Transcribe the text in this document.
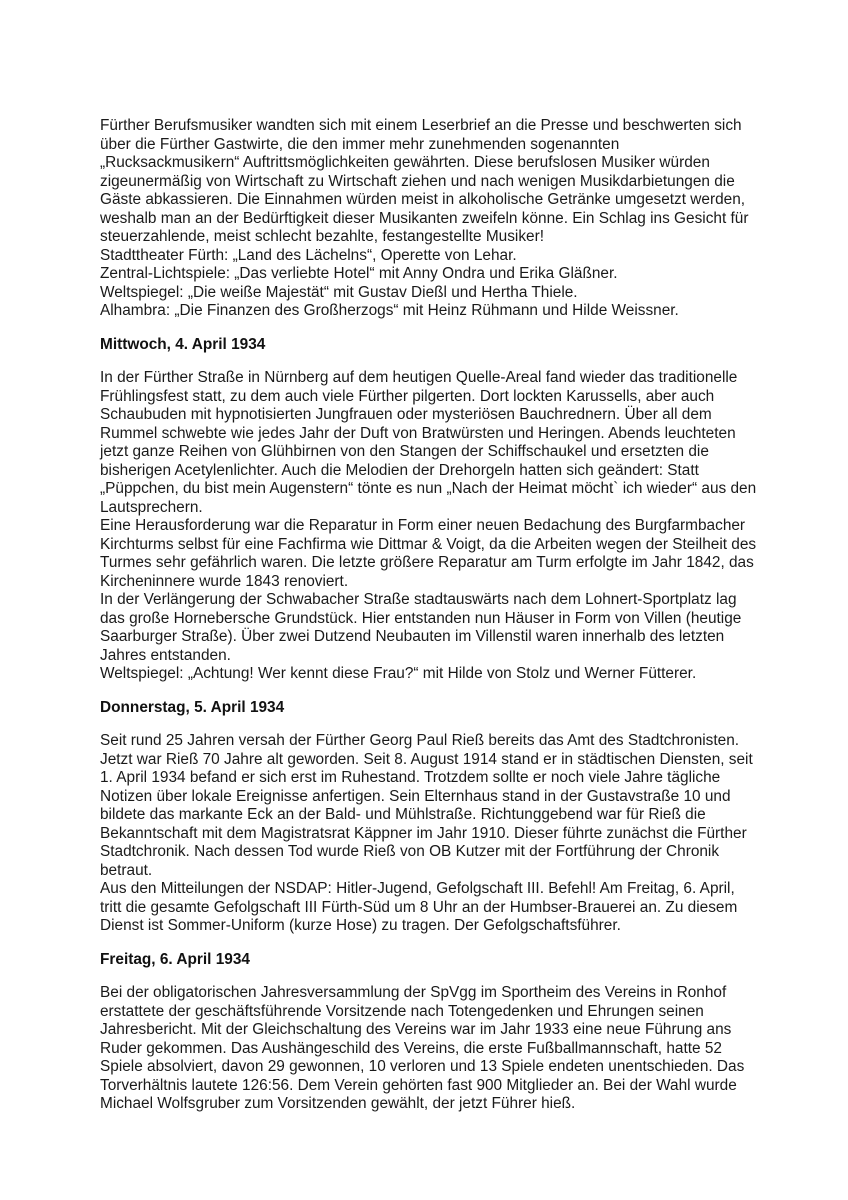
Fürther Berufsmusiker wandten sich mit einem Leserbrief an die Presse und beschwerten sich über die Fürther Gastwirte, die den immer mehr zunehmenden sogenannten „Rucksackmusikern“ Auftrittsmöglichkeiten gewährten. Diese berufslosen Musiker würden zigeunermäßig von Wirtschaft zu Wirtschaft ziehen und nach wenigen Musikdarbietungen die Gäste abkassieren. Die Einnahmen würden meist in alkoholische Getränke umgesetzt werden, weshalb man an der Bedürftigkeit dieser Musikanten zweifeln könne. Ein Schlag ins Gesicht für steuerzahlende, meist schlecht bezahlte, festangestellte Musiker!

Stadttheater Fürth: „Land des Lächelns“, Operette von Lehar.

Zentral-Lichtspiele: „Das verliebte Hotel“ mit Anny Ondra und Erika Gläßner.

Weltspiegel: „Die weiße Majestät“ mit Gustav Dießl und Hertha Thiele.

Alhambra: „Die Finanzen des Großherzogs“ mit Heinz Rühmann und Hilde Weissner.

Mittwoch, 4. April 1934

In der Fürther Straße in Nürnberg auf dem heutigen Quelle-Areal fand wieder das traditionelle Frühlingsfest statt, zu dem auch viele Fürther pilgerten. Dort lockten Karussells, aber auch Schaubuden mit hypnotisierten Jungfrauen oder mysteriösen Bauchrednern. Über all dem Rummel schwebte wie jedes Jahr der Duft von Bratwürsten und Heringen. Abends leuchteten jetzt ganze Reihen von Glühbirnen von den Stangen der Schiffschaukel und ersetzten die bisherigen Acetylenlichter. Auch die Melodien der Drehorgeln hatten sich geändert: Statt „Püppchen, du bist mein Augenstern“ tönte es nun „Nach der Heimat möcht` ich wieder“ aus den Lautsprechern.

Eine Herausforderung war die Reparatur in Form einer neuen Bedachung des Burgfarmbacher Kirchturms selbst für eine Fachfirma wie Dittmar & Voigt, da die Arbeiten wegen der Steilheit des Turmes sehr gefährlich waren. Die letzte größere Reparatur am Turm erfolgte im Jahr 1842, das Kircheninnere wurde 1843 renoviert.

In der Verlängerung der Schwabacher Straße stadtauswärts nach dem Lohnert-Sportplatz lag das große Hornebersche Grundstück. Hier entstanden nun Häuser in Form von Villen (heutige Saarburger Straße). Über zwei Dutzend Neubauten im Villenstil waren innerhalb des letzten Jahres entstanden.

Weltspiegel: „Achtung! Wer kennt diese Frau?“ mit Hilde von Stolz und Werner Fütterer.

Donnerstag, 5. April 1934

Seit rund 25 Jahren versah der Fürther Georg Paul Rieß bereits das Amt des Stadtchronisten. Jetzt war Rieß 70 Jahre alt geworden. Seit 8. August 1914 stand er in städtischen Diensten, seit 1. April 1934 befand er sich erst im Ruhestand. Trotzdem sollte er noch viele Jahre tägliche Notizen über lokale Ereignisse anfertigen. Sein Elternhaus stand in der Gustavstraße 10 und bildete das markante Eck an der Bald- und Mühlstraße. Richtunggebend war für Rieß die Bekanntschaft mit dem Magistratsrat Käppner im Jahr 1910. Dieser führte zunächst die Fürther Stadtchronik. Nach dessen Tod wurde Rieß von OB Kutzer mit der Fortführung der Chronik betraut.

Aus den Mitteilungen der NSDAP: Hitler-Jugend, Gefolgschaft III. Befehl! Am Freitag, 6. April, tritt die gesamte Gefolgschaft III Fürth-Süd um 8 Uhr an der Humbser-Brauerei an. Zu diesem Dienst ist Sommer-Uniform (kurze Hose) zu tragen. Der Gefolgschaftsführer.

Freitag, 6. April 1934

Bei der obligatorischen Jahresversammlung der SpVgg im Sportheim des Vereins in Ronhof erstattete der geschäftsführende Vorsitzende nach Totengedenken und Ehrungen seinen Jahresbericht. Mit der Gleichschaltung des Vereins war im Jahr 1933 eine neue Führung ans Ruder gekommen. Das Aushängeschild des Vereins, die erste Fußballmannschaft, hatte 52 Spiele absolviert, davon 29 gewonnen, 10 verloren und 13 Spiele endeten unentschieden. Das Torverhältnis lautete 126:56. Dem Verein gehörten fast 900 Mitglieder an. Bei der Wahl wurde Michael Wolfsgruber zum Vorsitzenden gewählt, der jetzt Führer hieß.
